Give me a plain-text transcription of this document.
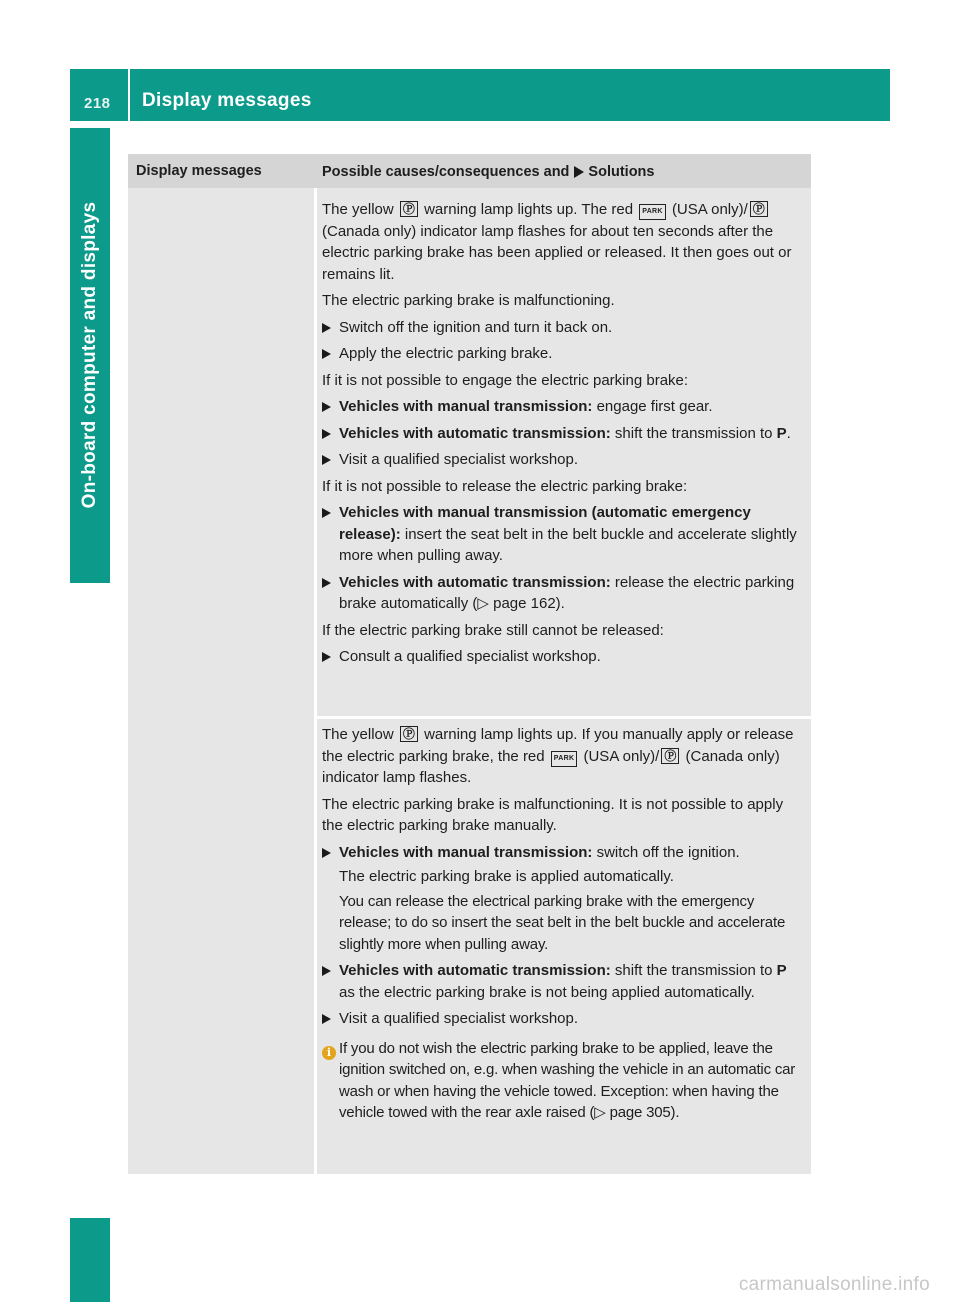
218	Display messages
On-board computer and displays
Display messages	Possible causes/consequences and Solutions

The yellow Ⓟ warning lamp lights up. The red PARK (USA only)/ Ⓟ (Canada only) indicator lamp flashes for about ten seconds after the electric parking brake has been applied or released. It then goes out or remains lit.

The electric parking brake is malfunctioning.

Switch off the ignition and turn it back on.
Apply the electric parking brake.

If it is not possible to engage the electric parking brake:

Vehicles with manual transmission: engage first gear.
Vehicles with automatic transmission: shift the transmission to P.
Visit a qualified specialist workshop.

If it is not possible to release the electric parking brake:

Vehicles with manual transmission (automatic emergency release): insert the seat belt in the belt buckle and accelerate slightly more when pulling away.
Vehicles with automatic transmission: release the electric parking brake automatically (▷ page 162).

If the electric parking brake still cannot be released:

Consult a qualified specialist workshop.

The yellow Ⓟ warning lamp lights up. If you manually apply or release the electric parking brake, the red PARK (USA only)/ Ⓟ (Canada only) indicator lamp flashes.

The electric parking brake is malfunctioning. It is not possible to apply the electric parking brake manually.

Vehicles with manual transmission: switch off the ignition.
The electric parking brake is applied automatically.
You can release the electrical parking brake with the emergency release; to do so insert the seat belt in the belt buckle and accelerate slightly more when pulling away.
Vehicles with automatic transmission: shift the transmission to P as the electric parking brake is not being applied automatically.
Visit a qualified specialist workshop.
i If you do not wish the electric parking brake to be applied, leave the ignition switched on, e.g. when washing the vehicle in an automatic car wash or when having the vehicle towed. Exception: when having the vehicle towed with the rear axle raised (▷ page 305).
carmanualsonline.info
